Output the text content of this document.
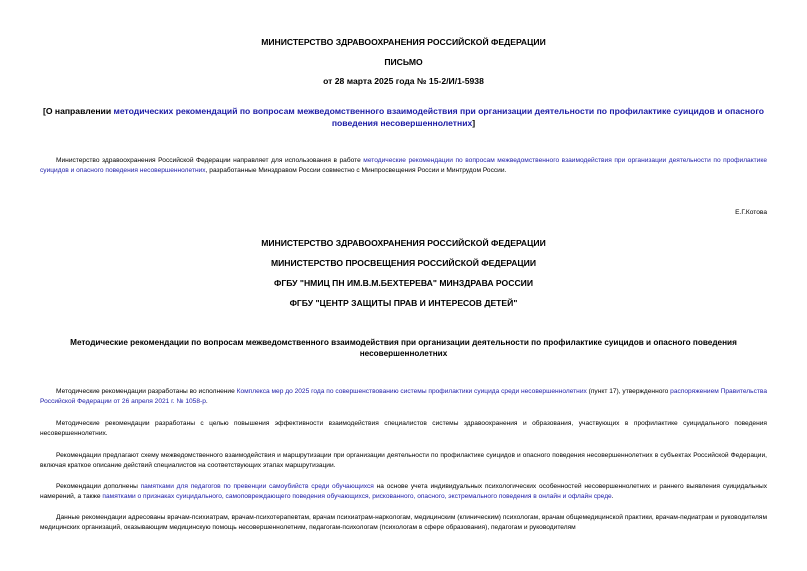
МИНИСТЕРСТВО ЗДРАВООХРАНЕНИЯ РОССИЙСКОЙ ФЕДЕРАЦИИ
ПИСЬМО
от 28 марта 2025 года № 15-2/И/1-5938
[О направлении методических рекомендаций по вопросам межведомственного взаимодействия при организации деятельности по профилактике суицидов и опасного поведения несовершеннолетних]
Министерство здравоохранения Российской Федерации направляет для использования в работе методические рекомендации по вопросам межведомственного взаимодействия при организации деятельности по профилактике суицидов и опасного поведения несовершеннолетних, разработанные Минздравом России совместно с Минпросвещения России и Минтрудом России.
Е.Г.Котова
МИНИСТЕРСТВО ЗДРАВООХРАНЕНИЯ РОССИЙСКОЙ ФЕДЕРАЦИИ
МИНИСТЕРСТВО ПРОСВЕЩЕНИЯ РОССИЙСКОЙ ФЕДЕРАЦИИ
ФГБУ "НМИЦ ПН ИМ.В.М.БЕХТЕРЕВА" МИНЗДРАВА РОССИИ
ФГБУ "ЦЕНТР ЗАЩИТЫ ПРАВ И ИНТЕРЕСОВ ДЕТЕЙ"
Методические рекомендации по вопросам межведомственного взаимодействия при организации деятельности по профилактике суицидов и опасного поведения несовершеннолетних
Методические рекомендации разработаны во исполнение Комплекса мер до 2025 года по совершенствованию системы профилактики суицида среди несовершеннолетних (пункт 17), утвержденного распоряжением Правительства Российской Федерации от 26 апреля 2021 г. № 1058-р.
Методические рекомендации разработаны с целью повышения эффективности взаимодействия специалистов системы здравоохранения и образования, участвующих в профилактике суицидального поведения несовершеннолетних.
Рекомендации предлагают схему межведомственного взаимодействия и маршрутизации при организации деятельности по профилактике суицидов и опасного поведения несовершеннолетних в субъектах Российской Федерации, включая краткое описание действий специалистов на соответствующих этапах маршрутизации.
Рекомендации дополнены памятками для педагогов по превенции самоубийств среди обучающихся на основе учета индивидуальных психологических особенностей несовершеннолетних и раннего выявления суицидальных намерений, а также памятками о признаках суицидального, самоповреждающего поведения обучающихся, рискованного, опасного, экстремального поведения в онлайн и офлайн среде.
Данные рекомендации адресованы врачам-психиатрам, врачам-психотерапевтам, врачам психиатрам-наркологам, медицинским (клиническим) психологам, врачам общемедицинской практики, врачам-педиатрам и руководителям медицинских организаций, оказывающим медицинскую помощь несовершеннолетним, педагогам-психологам (психологам в сфере образования), педагогам и руководителям
